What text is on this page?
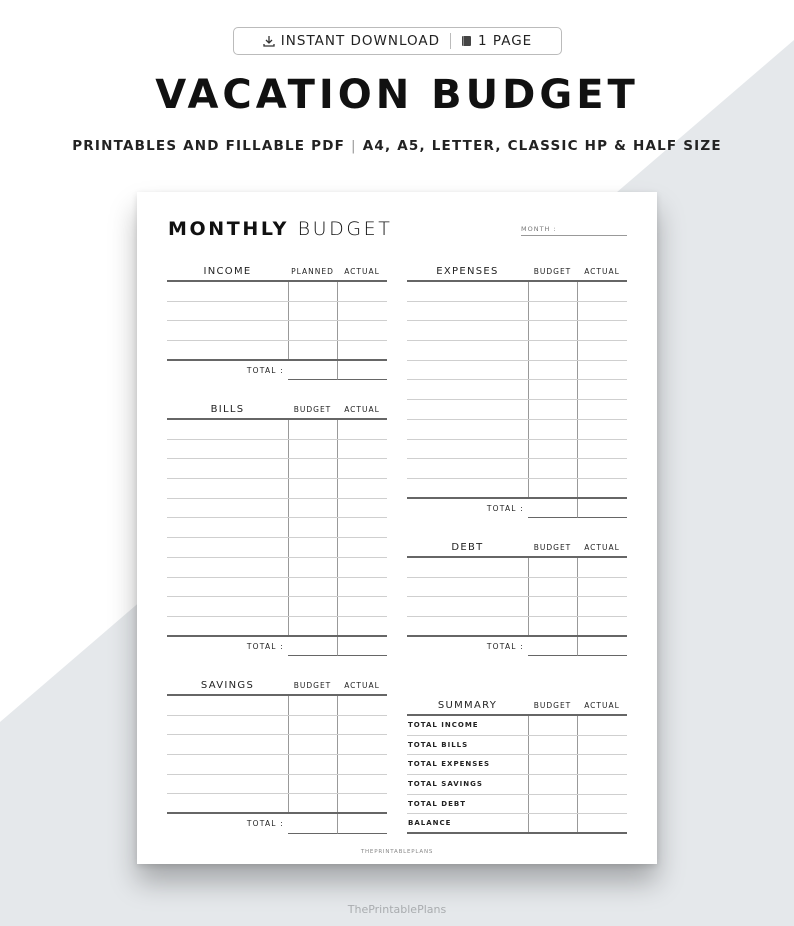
INSTANT DOWNLOAD	1 PAGE
VACATION BUDGET
PRINTABLES AND FILLABLE PDF | A4, A5, LETTER, CLASSIC HP & HALF SIZE
MONTHLY BUDGET	MONTH :
THEPRINTABLEPLANS
INCOME	PLANNED	ACTUAL
TOTAL :
BILLS	BUDGET	ACTUAL
TOTAL :
SAVINGS	BUDGET	ACTUAL
TOTAL :
EXPENSES	BUDGET	ACTUAL
TOTAL :
DEBT	BUDGET	ACTUAL
TOTAL :
SUMMARY	BUDGET	ACTUAL
TOTAL INCOME
TOTAL BILLS
TOTAL EXPENSES
TOTAL SAVINGS
TOTAL DEBT
BALANCE
ThePrintablePlans
